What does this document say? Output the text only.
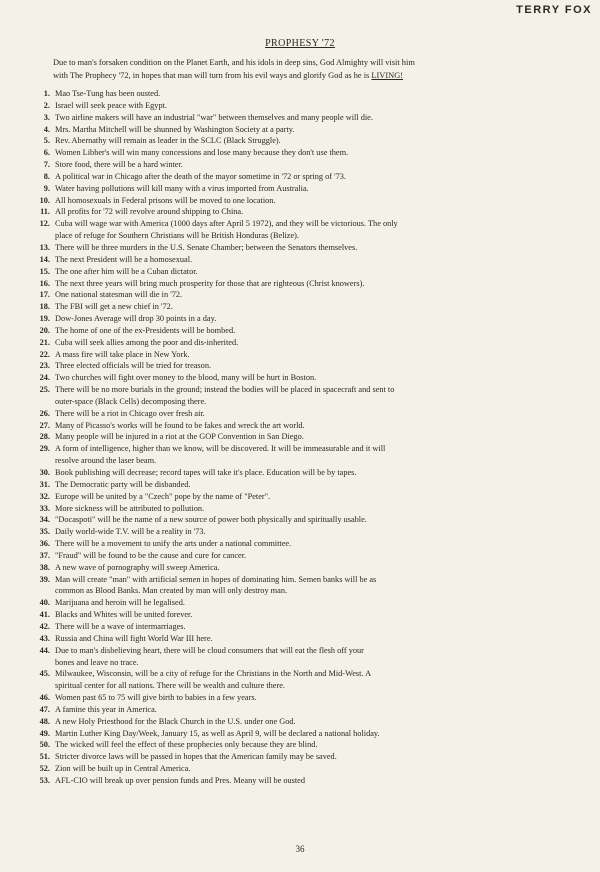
TERRY FOX
PROPHESY '72
Due to man's forsaken condition on the Planet Earth, and his idols in deep sins, God Almighty will visit him
with The Prophecy '72, in hopes that man will turn from his evil ways and glorify God as he is LIVING!
1. Mao Tse-Tung has been ousted.
2. Israel will seek peace with Egypt.
3. Two airline makers will have an industrial "war" between themselves and many people will die.
4. Mrs. Martha Mitchell will be shunned by Washington Society at a party.
5. Rev. Abernathy will remain as leader in the SCLC (Black Struggle).
6. Women Libber's will win many concessions and lose many because they don't use them.
7. Store food, there will be a hard winter.
8. A political war in Chicago after the death of the mayor sometime in '72 or spring of '73.
9. Water having pollutions will kill many with a virus imported from Australia.
10. All homosexuals in Federal prisons will be moved to one location.
11. All profits for '72 will revolve around shipping to China.
12. Cuba will wage war with America (1000 days after April 5 1972), and they will be victorious. The only
place of refuge for Southern Christians will be British Honduras (Belize).
13. There will be three murders in the U.S. Senate Chamber; between the Senators themselves.
14. The next President will be a homosexual.
15. The one after him will be a Cuban dictator.
16. The next three years will bring much prosperity for those that are righteous (Christ knowers).
17. One national statesman will die in '72.
18. The FBI will get a new chief in '72.
19. Dow-Jones Average will drop 30 points in a day.
20. The home of one of the ex-Presidents will be bombed.
21. Cuba will seek allies among the poor and dis-inherited.
22. A mass fire will take place in New York.
23. Three elected officials will be tried for treason.
24. Two churches will fight over money to the blood, many will be hurt in Boston.
25. There will be no more burials in the ground; instead the bodies will be placed in spacecraft and sent to
outer-space (Black Cells) decomposing there.
26. There will be a riot in Chicago over fresh air.
27. Many of Picasso's works will be found to be fakes and wreck the art world.
28. Many people will be injured in a riot at the GOP Convention in San Diego.
29. A form of intelligence, higher than we know, will be discovered. It will be immeasurable and it will
resolve around the laser beam.
30. Book publishing will decrease; record tapes will take it's place. Education will be by tapes.
31. The Democratic party will be disbanded.
32. Europe will be united by a "Czech" pope by the name of "Peter".
33. More sickness will be attributed to pollution.
34. "Docaspoti" will be the name of a new source of power both physically and spiritually usable.
35. Daily world-wide T.V. will be a reality in '73.
36. There will be a movement to unify the arts under a national committee.
37. "Fraud" will be found to be the cause and cure for cancer.
38. A new wave of pornography will sweep America.
39. Man will create "man" with artificial semen in hopes of dominating him. Semen banks will be as
common as Blood Banks. Man created by man will only destroy man.
40. Marijuana and heroin will be legalised.
41. Blacks and Whites will be united forever.
42. There will be a wave of intermarriages.
43. Russia and China will fight World War III here.
44. Due to man's disbelieving heart, there will be cloud consumers that will eat the flesh off your
bones and leave no trace.
45. Milwaukee, Wisconsin, will be a city of refuge for the Christians in the North and Mid-West. A
spiritual center for all nations. There will be wealth and culture there.
46. Women past 65 to 75 will give birth to babies in a few years.
47. A famine this year in America.
48. A new Holy Priesthood for the Black Church in the U.S. under one God.
49. Martin Luther King Day/Week, January 15, as well as April 9, will be declared a national holiday.
50. The wicked will feel the effect of these prophecies only because they are blind.
51. Stricter divorce laws will be passed in hopes that the American family may be saved.
52. Zion will be built up in Central America.
53. AFL-CIO will break up over pension funds and Pres. Meany will be ousted
36
